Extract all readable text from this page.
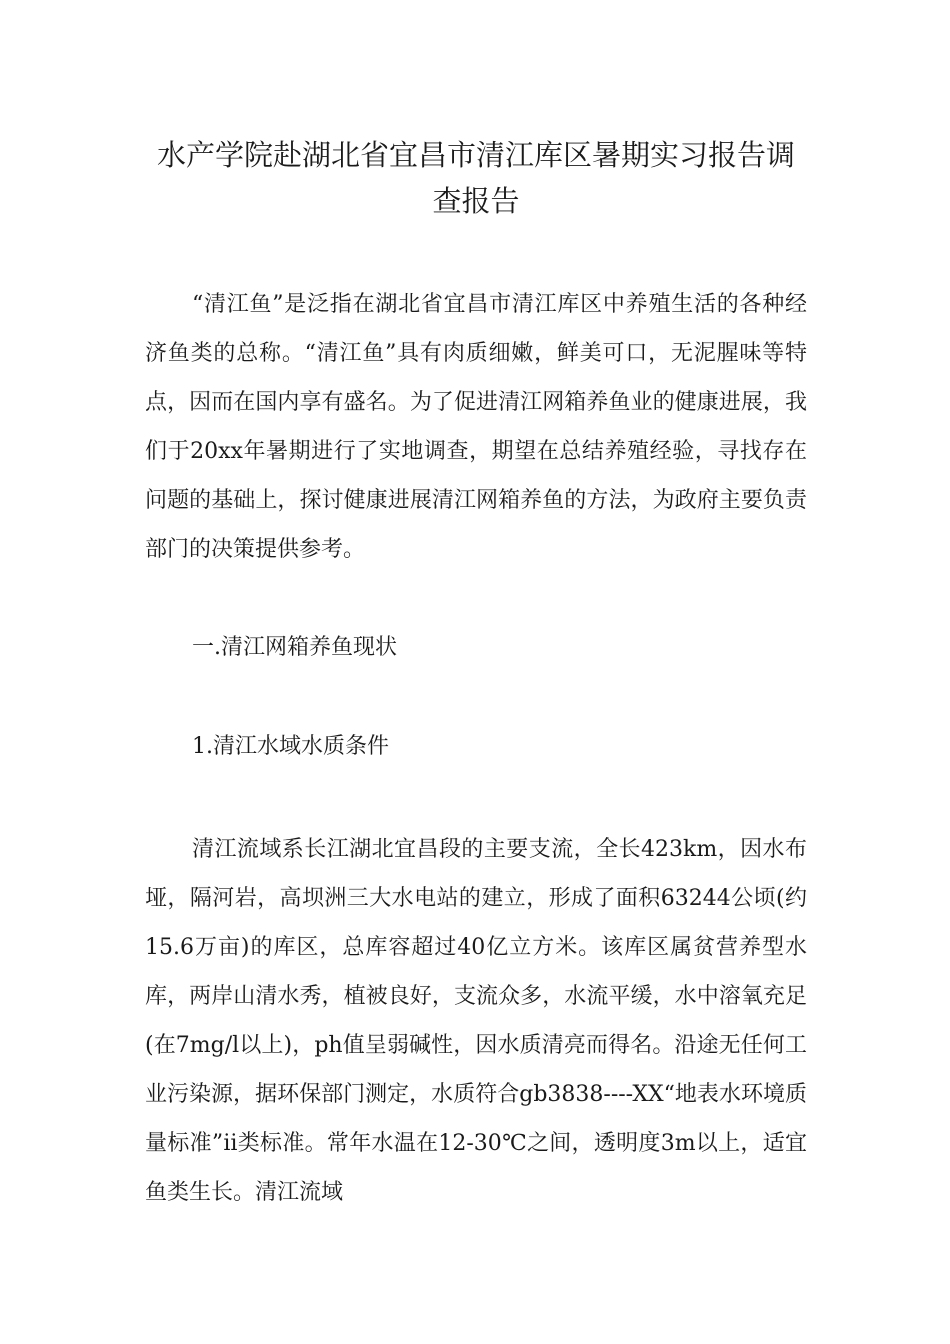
水产学院赴湖北省宜昌市清江库区暑期实习报告调查报告

“清江鱼”是泛指在湖北省宜昌市清江库区中养殖生活的各种经济鱼类的总称。“清江鱼”具有肉质细嫩，鲜美可口，无泥腥味等特点，因而在国内享有盛名。为了促进清江网箱养鱼业的健康进展，我们于20xx年暑期进行了实地调查，期望在总结养殖经验，寻找存在问题的基础上，探讨健康进展清江网箱养鱼的方法，为政府主要负责部门的决策提供参考。

一.清江网箱养鱼现状

1.清江水域水质条件

清江流域系长江湖北宜昌段的主要支流，全长423km，因水布垭，隔河岩，高坝洲三大水电站的建立，形成了面积63244公顷(约15.6万亩)的库区，总库容超过40亿立方米。该库区属贫营养型水库，两岸山清水秀，植被良好，支流众多，水流平缓，水中溶氧充足(在7mg/l以上)，ph值呈弱碱性，因水质清亮而得名。沿途无任何工业污染源，据环保部门测定，水质符合gb3838----XX“地表水环境质量标准”ⅱ类标准。常年水温在12-30℃之间，透明度3m以上，适宜鱼类生长。清江流域
